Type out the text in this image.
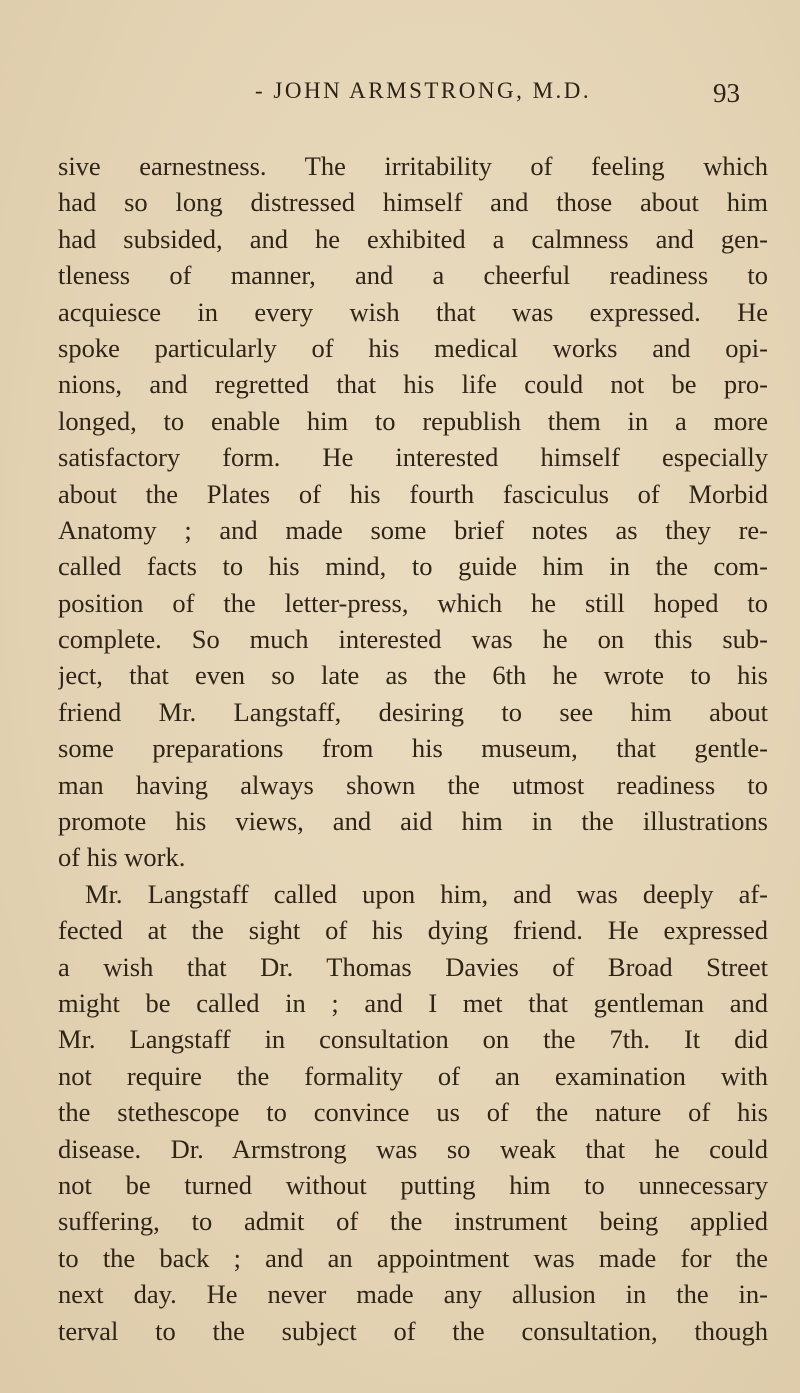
- JOHN ARMSTRONG, M.D.	93
sive earnestness. The irritability of feeling which
had so long distressed himself and those about him
had subsided, and he exhibited a calmness and gen-
tleness of manner, and a cheerful readiness to
acquiesce in every wish that was expressed. He
spoke particularly of his medical works and opi-
nions, and regretted that his life could not be pro-
longed, to enable him to republish them in a more
satisfactory form. He interested himself especially
about the Plates of his fourth fasciculus of Morbid
Anatomy ; and made some brief notes as they re-
called facts to his mind, to guide him in the com-
position of the letter-press, which he still hoped to
complete. So much interested was he on this sub-
ject, that even so late as the 6th he wrote to his
friend Mr. Langstaff, desiring to see him about
some preparations from his museum, that gentle-
man having always shown the utmost readiness to
promote his views, and aid him in the illustrations
of his work.
Mr. Langstaff called upon him, and was deeply af-
fected at the sight of his dying friend. He expressed
a wish that Dr. Thomas Davies of Broad Street
might be called in ; and I met that gentleman and
Mr. Langstaff in consultation on the 7th. It did
not require the formality of an examination with
the stethescope to convince us of the nature of his
disease. Dr. Armstrong was so weak that he could
not be turned without putting him to unnecessary
suffering, to admit of the instrument being applied
to the back ; and an appointment was made for the
next day. He never made any allusion in the in-
terval to the subject of the consultation, though
